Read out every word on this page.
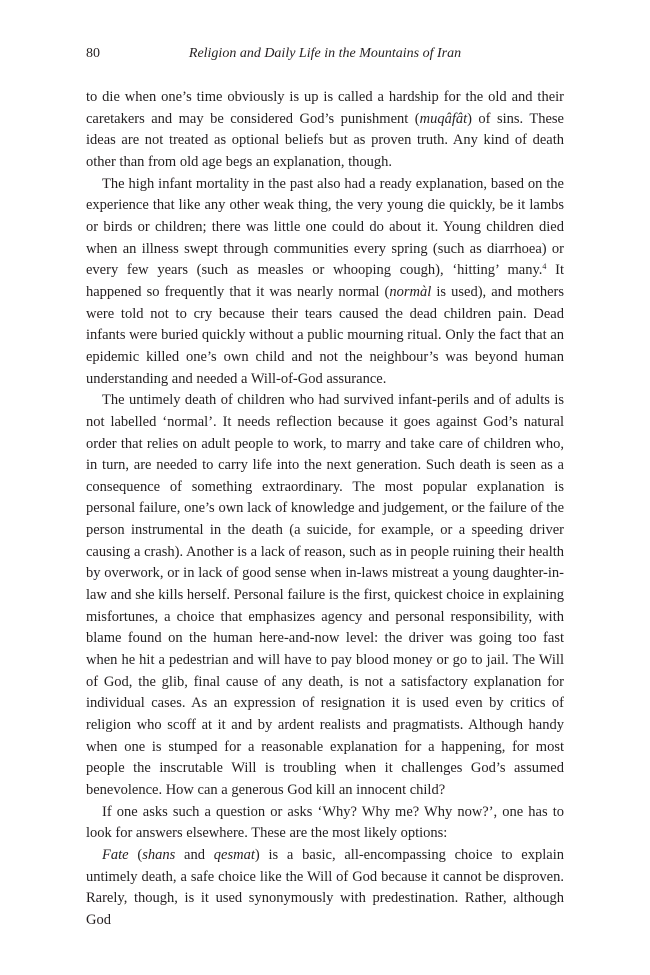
80	Religion and Daily Life in the Mountains of Iran

to die when one’s time obviously is up is called a hardship for the old and their caretakers and may be considered God’s punishment (muqâfât) of sins. These ideas are not treated as optional beliefs but as proven truth. Any kind of death other than from old age begs an explanation, though.

The high infant mortality in the past also had a ready explanation, based on the experience that like any other weak thing, the very young die quickly, be it lambs or birds or children; there was little one could do about it. Young children died when an illness swept through communities every spring (such as diarrhoea) or every few years (such as measles or whooping cough), ‘hitting’ many.$^4$ It happened so frequently that it was nearly normal (normàl is used), and mothers were told not to cry because their tears caused the dead children pain. Dead infants were buried quickly without a public mourning ritual. Only the fact that an epidemic killed one’s own child and not the neighbour’s was beyond human understanding and needed a Will-of-God assurance.

The untimely death of children who had survived infant-perils and of adults is not labelled ‘normal’. It needs reflection because it goes against God’s natural order that relies on adult people to work, to marry and take care of children who, in turn, are needed to carry life into the next generation. Such death is seen as a consequence of something extraordinary. The most popular explanation is personal failure, one’s own lack of knowledge and judgement, or the failure of the person instrumental in the death (a suicide, for example, or a speeding driver causing a crash). Another is a lack of reason, such as in people ruining their health by overwork, or in lack of good sense when in-laws mistreat a young daughter-in-law and she kills herself. Personal failure is the first, quickest choice in explaining misfortunes, a choice that emphasizes agency and personal responsibility, with blame found on the human here-and-now level: the driver was going too fast when he hit a pedestrian and will have to pay blood money or go to jail. The Will of God, the glib, final cause of any death, is not a satisfactory explanation for individual cases. As an expression of resignation it is used even by critics of religion who scoff at it and by ardent realists and pragmatists. Although handy when one is stumped for a reasonable explanation for a happening, for most people the inscrutable Will is troubling when it challenges God’s assumed benevolence. How can a generous God kill an innocent child?

If one asks such a question or asks ‘Why? Why me? Why now?’, one has to look for answers elsewhere. These are the most likely options:

Fate (shans and qesmat) is a basic, all-encompassing choice to explain untimely death, a safe choice like the Will of God because it cannot be disproven. Rarely, though, is it used synonymously with predestination. Rather, although God
